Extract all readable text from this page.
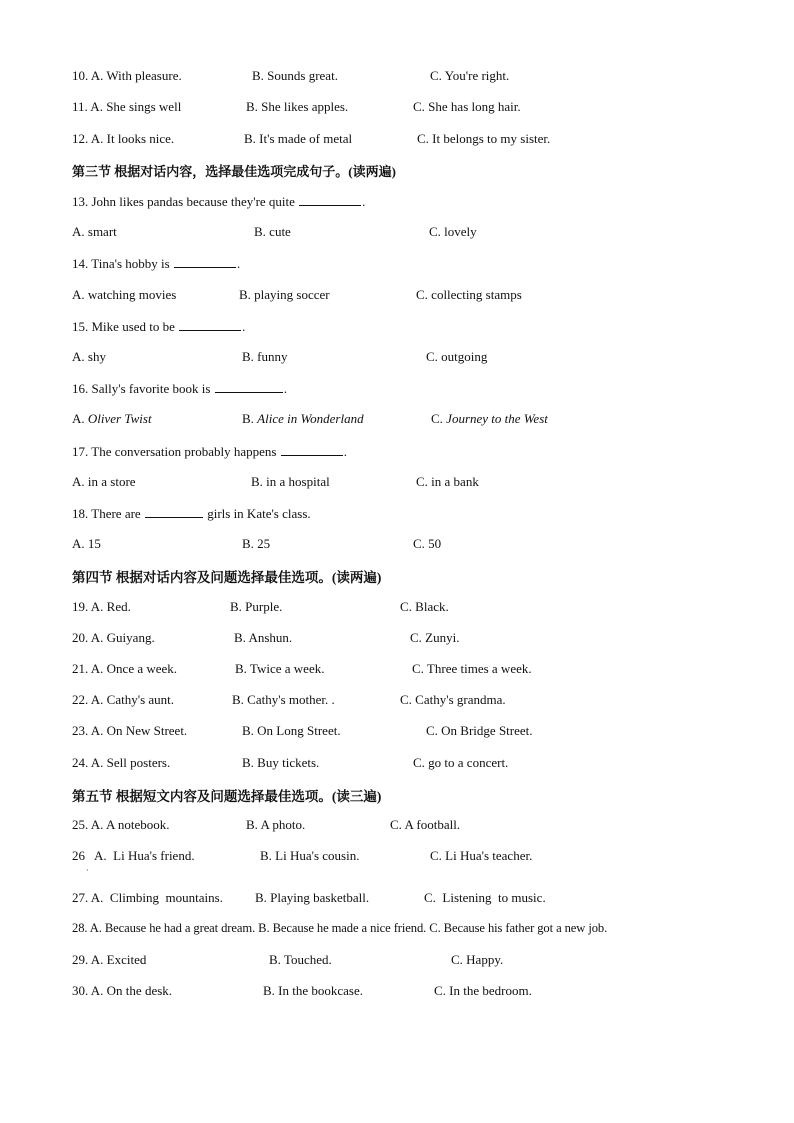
10. A. With pleasure.	B. Sounds great.	C. You're right.
11. A. She sings well	B. She likes apples.	C. She has long hair.
12. A. It looks nice.	B. It's made of metal	C. It belongs to my sister.
第三节 根据对话内容，选择最佳选项完成句子。(读两遍)
13. John likes pandas because they're quite	.
A. smart	B. cute	C. lovely
14. Tina's hobby is	.
A. watching movies	B. playing soccer	C. collecting stamps
15. Mike used to be	.
A. shy	B. funny	C. outgoing
16. Sally's favorite book is	.
A. Oliver Twist	B. Alice in Wonderland	C. Journey to the West
17. The conversation probably happens	.
A. in a store	B. in a hospital	C. in a bank
18. There are	girls in Kate's class.
A. 15	B. 25	C. 50
第四节 根据对话内容及问题选择最佳选项。(读两遍)
19. A. Red.	B. Purple.	C. Black.
20. A. Guiyang.	B. Anshun.	C. Zunyi.
21. A. Once a week.	B. Twice a week.	C. Three times a week.
22. A. Cathy's aunt.	B. Cathy's mother. .	C. Cathy's grandma.
23. A. On New Street.	B. On Long Street.	C. On Bridge Street.
24. A. Sell posters.	B. Buy tickets.	C. go to a concert.
第五节 根据短文内容及问题选择最佳选项。(读三遍)
25. A. A notebook.	B. A photo.	C. A football.
26   A.  Li Hua's friend.	B. Li Hua's cousin.	C. Li Hua's teacher.
·
27. A.  Climbing  mountains. B. Playing basketball.	C.  Listening  to music.
28. A. Because he had a great dream. B. Because he made a nice friend. C. Because his father got a new job.
29. A. Excited	B. Touched.	C. Happy.
30. A. On the desk.	B. In the bookcase.	C. In the bedroom.
